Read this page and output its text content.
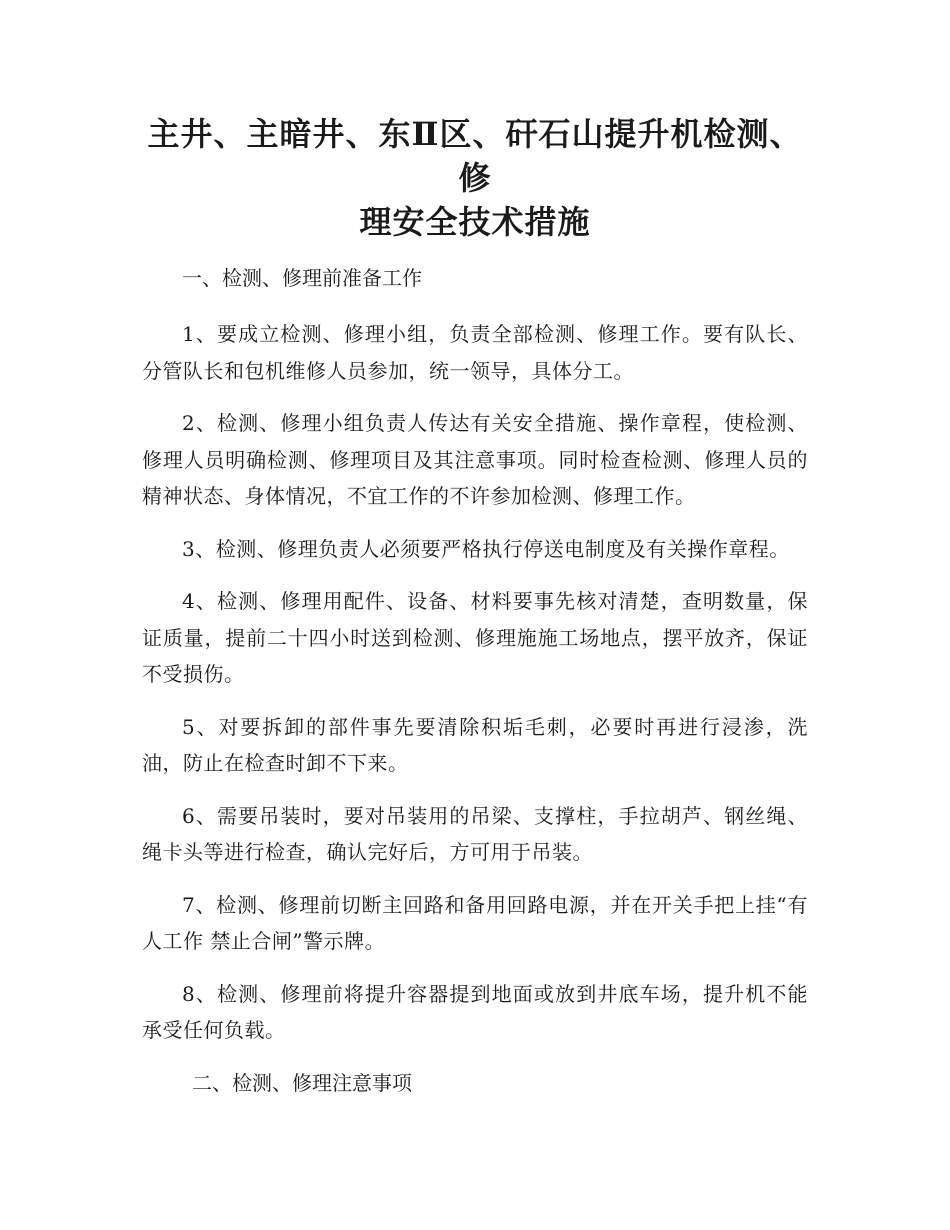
主井、主暗井、东Ⅱ区、矸石山提升机检测、修
理安全技术措施

一、检测、修理前准备工作

1、要成立检测、修理小组，负责全部检测、修理工作。要有队长、分管队长和包机维修人员参加，统一领导，具体分工。

2、检测、修理小组负责人传达有关安全措施、操作章程，使检测、修理人员明确检测、修理项目及其注意事项。同时检查检测、修理人员的精神状态、身体情况，不宜工作的不许参加检测、修理工作。

3、检测、修理负责人必须要严格执行停送电制度及有关操作章程。

4、检测、修理用配件、设备、材料要事先核对清楚，查明数量，保证质量，提前二十四小时送到检测、修理施施工场地点，摆平放齐，保证不受损伤。

5、对要拆卸的部件事先要清除积垢毛刺，必要时再进行浸渗，洗油，防止在检查时卸不下来。

6、需要吊装时，要对吊装用的吊梁、支撑柱，手拉胡芦、钢丝绳、绳卡头等进行检查，确认完好后，方可用于吊装。

7、检测、修理前切断主回路和备用回路电源，并在开关手把上挂“有人工作 禁止合闸”警示牌。

8、检测、修理前将提升容器提到地面或放到井底车场，提升机不能承受任何负载。

二、检测、修理注意事项
